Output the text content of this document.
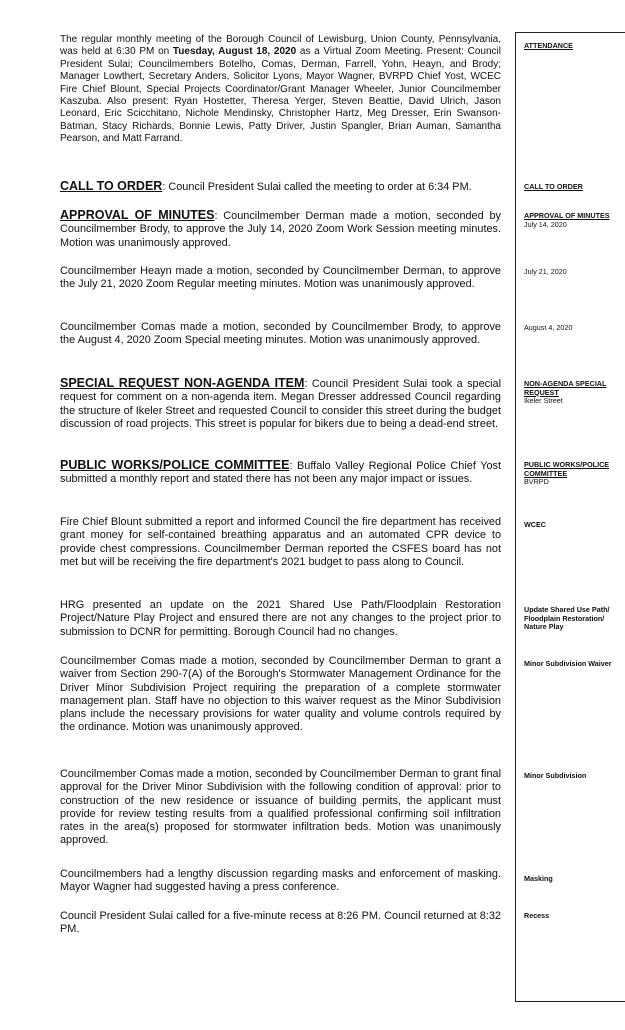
The regular monthly meeting of the Borough Council of Lewisburg, Union County, Pennsylvania, was held at 6:30 PM on Tuesday, August 18, 2020 as a Virtual Zoom Meeting. Present: Council President Sulai; Councilmembers Botelho, Comas, Derman, Farrell, Yohn, Heayn, and Brody; Manager Lowthert, Secretary Anders, Solicitor Lyons, Mayor Wagner, BVRPD Chief Yost, WCEC Fire Chief Blount, Special Projects Coordinator/Grant Manager Wheeler, Junior Councilmember Kaszuba. Also present: Ryan Hostetter, Theresa Yerger, Steven Beattie, David Ulrich, Jason Leonard, Eric Scicchitano, Nichole Mendinsky, Christopher Hartz, Meg Dresser, Erin Swanson-Batman, Stacy Richards, Bonnie Lewis, Patty Driver, Justin Spangler, Brian Auman, Samantha Pearson, and Matt Farrand.

CALL TO ORDER: Council President Sulai called the meeting to order at 6:34 PM.

APPROVAL OF MINUTES: Councilmember Derman made a motion, seconded by Councilmember Brody, to approve the July 14, 2020 Zoom Work Session meeting minutes. Motion was unanimously approved.

Councilmember Heayn made a motion, seconded by Councilmember Derman, to approve the July 21, 2020 Zoom Regular meeting minutes. Motion was unanimously approved.

Councilmember Comas made a motion, seconded by Councilmember Brody, to approve the August 4, 2020 Zoom Special meeting minutes. Motion was unanimously approved.

SPECIAL REQUEST NON-AGENDA ITEM: Council President Sulai took a special request for comment on a non-agenda item. Megan Dresser addressed Council regarding the structure of Ikeler Street and requested Council to consider this street during the budget discussion of road projects. This street is popular for bikers due to being a dead-end street.

PUBLIC WORKS/POLICE COMMITTEE: Buffalo Valley Regional Police Chief Yost submitted a monthly report and stated there has not been any major impact or issues.

Fire Chief Blount submitted a report and informed Council the fire department has received grant money for self-contained breathing apparatus and an automated CPR device to provide chest compressions. Councilmember Derman reported the CSFES board has not met but will be receiving the fire department's 2021 budget to pass along to Council.

HRG presented an update on the 2021 Shared Use Path/Floodplain Restoration Project/Nature Play Project and ensured there are not any changes to the project prior to submission to DCNR for permitting. Borough Council had no changes.

Councilmember Comas made a motion, seconded by Councilmember Derman to grant a waiver from Section 290-7(A) of the Borough's Stormwater Management Ordinance for the Driver Minor Subdivision Project requiring the preparation of a complete stormwater management plan. Staff have no objection to this waiver request as the Minor Subdivision plans include the necessary provisions for water quality and volume controls required by the ordinance. Motion was unanimously approved.

Councilmember Comas made a motion, seconded by Councilmember Derman to grant final approval for the Driver Minor Subdivision with the following condition of approval: prior to construction of the new residence or issuance of building permits, the applicant must provide for review testing results from a qualified professional confirming soil infiltration rates in the area(s) proposed for stormwater infiltration beds. Motion was unanimously approved.

Councilmembers had a lengthy discussion regarding masks and enforcement of masking. Mayor Wagner had suggested having a press conference.

Council President Sulai called for a five-minute recess at 8:26 PM. Council returned at 8:32 PM.

ATTENDANCE

CALL TO ORDER

APPROVAL OF MINUTES
July 14, 2020

July 21, 2020

August 4, 2020

NON-AGENDA SPECIAL REQUEST
Ikeler Street

PUBLIC WORKS/POLICE COMMITTEE
BVRPD

WCEC

Update Shared Use Path/ Floodplain Restoration/ Nature Play

Minor Subdivision Waiver

Minor Subdivision

Masking

Recess
